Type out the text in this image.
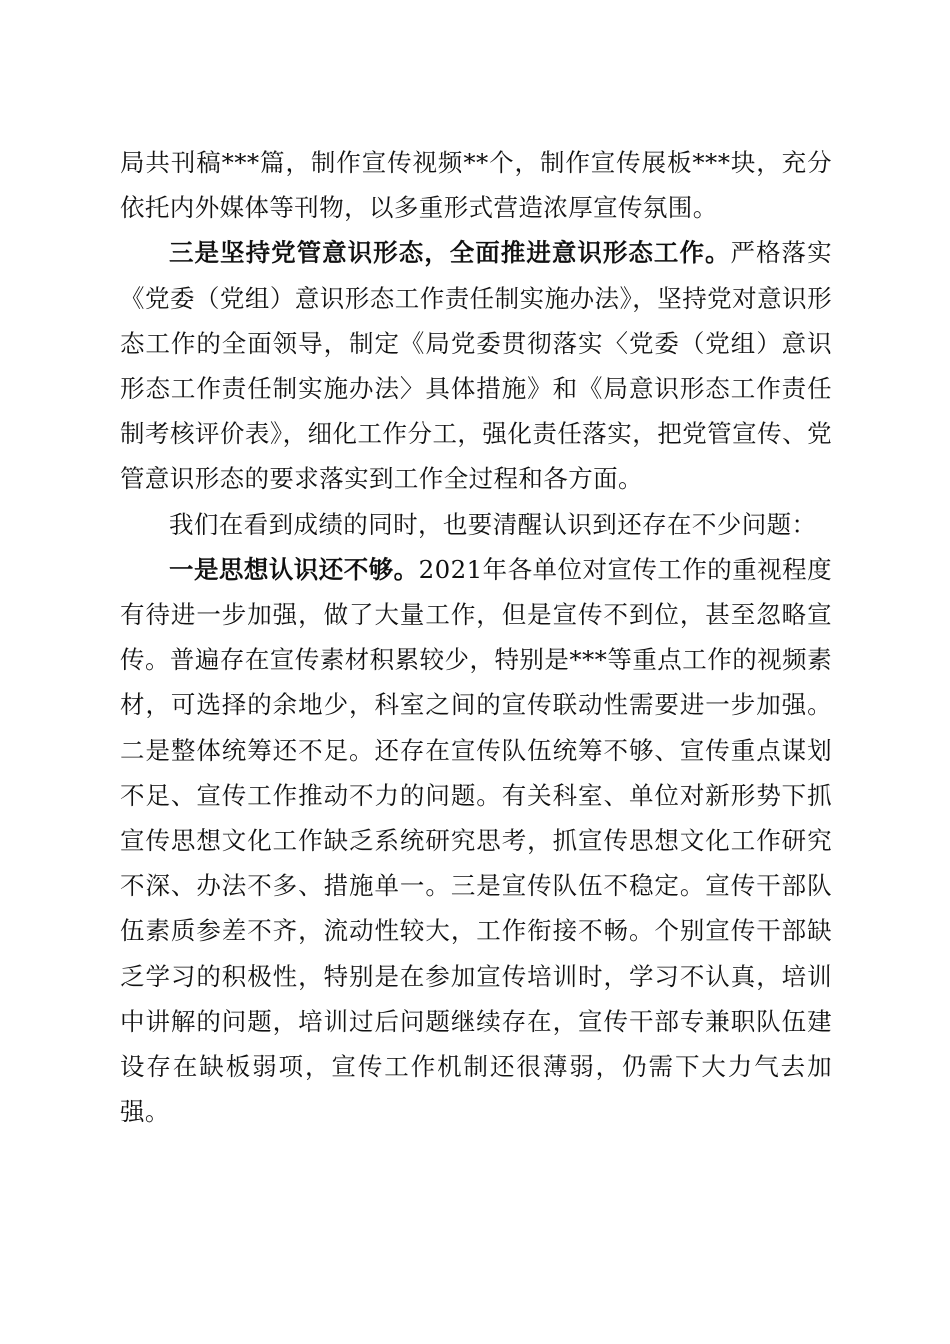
局共刊稿***篇，制作宣传视频**个，制作宣传展板***块，充分依托内外媒体等刊物，以多重形式营造浓厚宣传氛围。

三是坚持党管意识形态，全面推进意识形态工作。严格落实《党委（党组）意识形态工作责任制实施办法》，坚持党对意识形态工作的全面领导，制定《局党委贯彻落实〈党委（党组）意识形态工作责任制实施办法〉具体措施》和《局意识形态工作责任制考核评价表》，细化工作分工，强化责任落实，把党管宣传、党管意识形态的要求落实到工作全过程和各方面。

我们在看到成绩的同时，也要清醒认识到还存在不少问题：

一是思想认识还不够。2021年各单位对宣传工作的重视程度有待进一步加强，做了大量工作，但是宣传不到位，甚至忽略宣传。普遍存在宣传素材积累较少，特别是***等重点工作的视频素材，可选择的余地少，科室之间的宣传联动性需要进一步加强。二是整体统筹还不足。还存在宣传队伍统筹不够、宣传重点谋划不足、宣传工作推动不力的问题。有关科室、单位对新形势下抓宣传思想文化工作缺乏系统研究思考，抓宣传思想文化工作研究不深、办法不多、措施单一。三是宣传队伍不稳定。宣传干部队伍素质参差不齐，流动性较大，工作衔接不畅。个别宣传干部缺乏学习的积极性，特别是在参加宣传培训时，学习不认真，培训中讲解的问题，培训过后问题继续存在，宣传干部专兼职队伍建设存在缺板弱项，宣传工作机制还很薄弱，仍需下大力气去加强。
